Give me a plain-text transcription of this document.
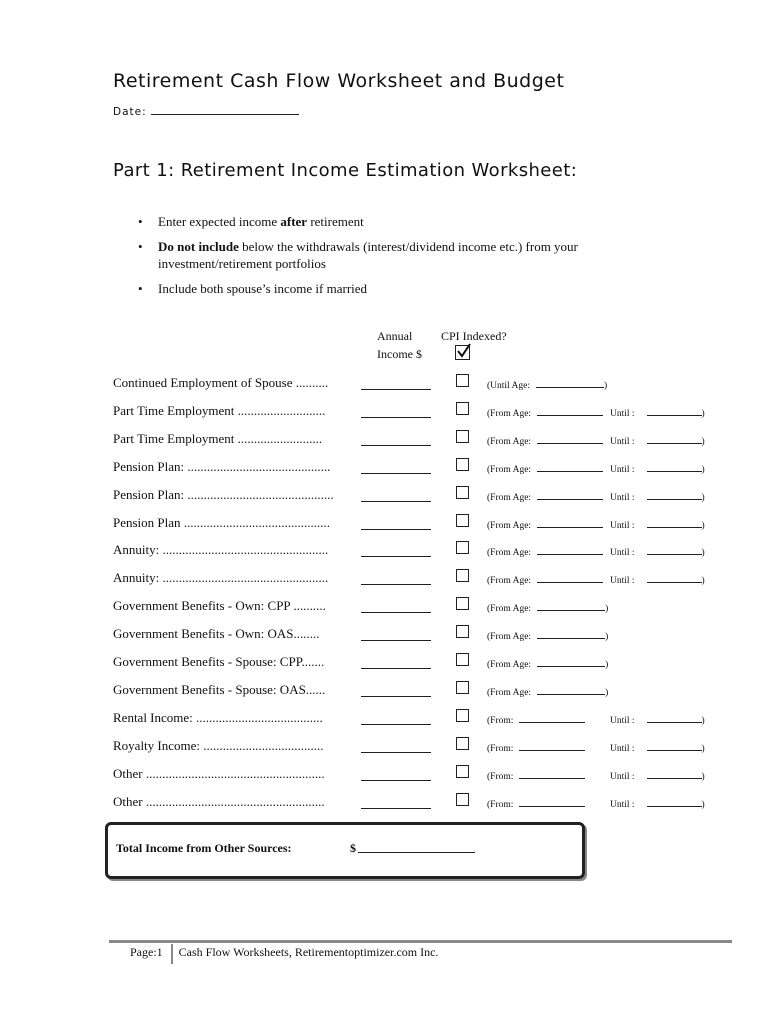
Retirement Cash Flow Worksheet and Budget
Date:
Part 1: Retirement Income Estimation Worksheet:
• Enter expected income after retirement
• Do not include below the withdrawals (interest/dividend income etc.) from your investment/retirement portfolios
• Include both spouse’s income if married
Annual
Income $
CPI Indexed?
Continued Employment of Spouse ..........	(Until Age:	)
Part Time Employment ...........................	(From Age:	Until :	)
Part Time Employment ..........................	(From Age:	Until :	)
Pension Plan: ............................................	(From Age:	Until :	)
Pension Plan: .............................................	(From Age:	Until :	)
Pension Plan .............................................	(From Age:	Until :	)
Annuity: ...................................................	(From Age:	Until :	)
Annuity: ...................................................	(From Age:	Until :	)
Government Benefits - Own: CPP ..........	(From Age:	)
Government Benefits - Own: OAS........	(From Age:	)
Government Benefits - Spouse: CPP.......	(From Age:	)
Government Benefits - Spouse: OAS......	(From Age:	)
Rental Income: .......................................	(From:	Until :	)
Royalty Income: .....................................	(From:	Until :	)
Other .......................................................	(From:	Until :	)
Other .......................................................	(From:	Until :	)
Total Income from Other Sources:	$
Page:1 Cash Flow Worksheets, Retirementoptimizer.com Inc.
